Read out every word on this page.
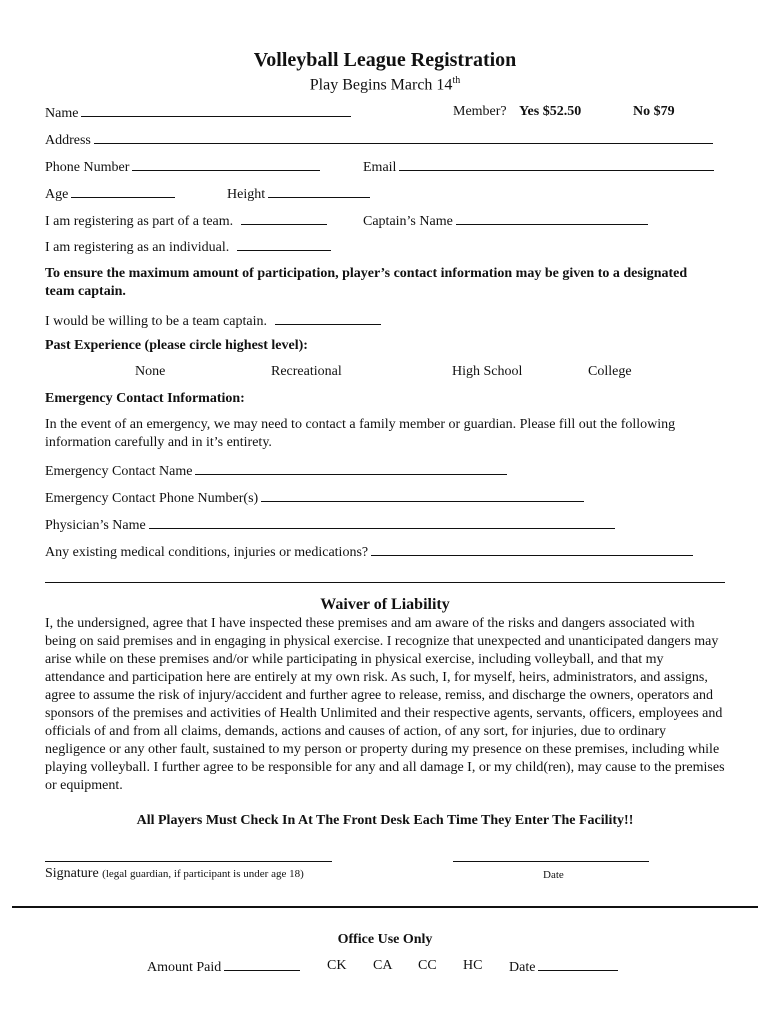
Volleyball League Registration
Play Begins March 14th
Name	Member? Yes $52.50	No $79
Address
Phone Number	Email
Age	Height
I am registering as part of a team.	Captain’s Name
I am registering as an individual.
To ensure the maximum amount of participation, player’s contact information may be given to a designated team captain.
I would be willing to be a team captain.
Past Experience (please circle highest level):
None	Recreational	High School	College
Emergency Contact Information:
In the event of an emergency, we may need to contact a family member or guardian. Please fill out the following information carefully and in it’s entirety.
Emergency Contact Name
Emergency Contact Phone Number(s)
Physician’s Name
Any existing medical conditions, injuries or medications?
Waiver of Liability
I, the undersigned, agree that I have inspected these premises and am aware of the risks and dangers associated with being on said premises and in engaging in physical exercise. I recognize that unexpected and unanticipated dangers may arise while on these premises and/or while participating in physical exercise, including volleyball, and that my attendance and participation here are entirely at my own risk. As such, I, for myself, heirs, administrators, and assigns, agree to assume the risk of injury/accident and further agree to release, remiss, and discharge the owners, operators and sponsors of the premises and activities of Health Unlimited and their respective agents, servants, officers, employees and officials of and from all claims, demands, actions and causes of action, of any sort, for injuries, due to ordinary negligence or any other fault, sustained to my person or property during my presence on these premises, including while playing volleyball. I further agree to be responsible for any and all damage I, or my child(ren), may cause to the premises or equipment.
All Players Must Check In At The Front Desk Each Time They Enter The Facility!!
Signature (legal guardian, if participant is under age 18)	Date
Office Use Only
Amount Paid	CK CA CC HC Date
